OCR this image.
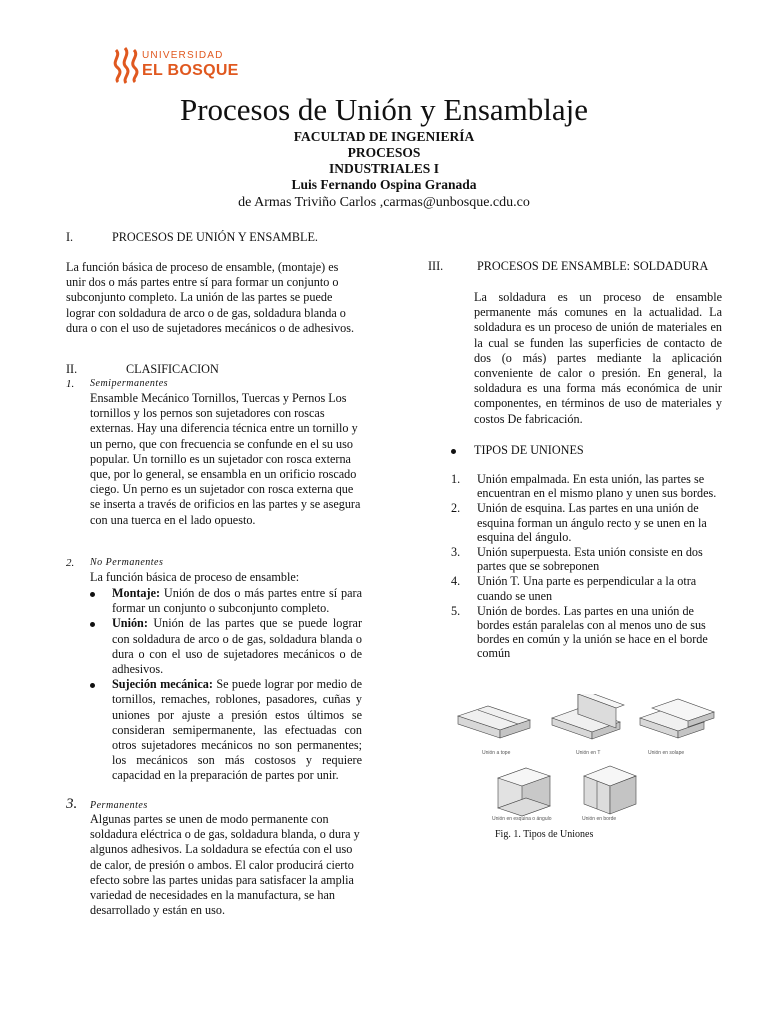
UNIVERSIDAD
EL BOSQUE
Procesos de Unión y Ensamblaje
FACULTAD DE INGENIERÍA
PROCESOS
INDUSTRIALES I
Luis Fernando Ospina Granada
de Armas Triviño Carlos ,carmas@unbosque.cdu.co
I.	PROCESOS DE UNIÓN Y ENSAMBLE.

La función básica de proceso de ensamble, (montaje) es unir dos o más partes entre sí para formar un conjunto o subconjunto completo. La unión de las partes se puede lograr con soldadura de arco o de gas, soldadura blanda o dura o con el uso de sujetadores mecánicos o de adhesivos.

II.	CLASIFICACION
1. Semipermanentes

Ensamble Mecánico Tornillos, Tuercas y Pernos Los tornillos y los pernos son sujetadores con roscas externas. Hay una diferencia técnica entre un tornillo y un perno, que con frecuencia se confunde en el su uso popular. Un tornillo es un sujetador con rosca externa que, por lo general, se ensambla en un orificio roscado ciego. Un perno es un sujetador con rosca externa que se inserta a través de orificios en las partes y se asegura con una tuerca en el lado opuesto.

2. No Permanentes

La función básica de proceso de ensamble:

Montaje: Unión de dos o más partes entre sí para formar un conjunto o subconjunto completo.
Unión: Unión de las partes que se puede lograr con soldadura de arco o de gas, soldadura blanda o dura o con el uso de sujetadores mecánicos o de adhesivos.
Sujeción mecánica: Se puede lograr por medio de tornillos, remaches, roblones, pasadores, cuñas y uniones por ajuste a presión estos últimos se consideran semipermanente, las efectuadas con otros sujetadores mecánicos no son permanentes; los mecánicos son más costosos y requiere capacidad en la preparación de partes por unir.
3. Permanentes

Algunas partes se unen de modo permanente con soldadura eléctrica o de gas, soldadura blanda, o dura y algunos adhesivos. La soldadura se efectúa con el uso de calor, de presión o ambos. El calor producirá cierto efecto sobre las partes unidas para satisfacer la amplia variedad de necesidades en la manufactura, se han desarrollado y están en uso.

III.	PROCESOS DE ENSAMBLE: SOLDADURA

La soldadura es un proceso de ensamble permanente más comunes en la actualidad. La soldadura es un proceso de unión de materiales en la cual se funden las superficies de contacto de dos (o más) partes mediante la aplicación conveniente de calor o presión. En general, la soldadura es una forma más económica de unir componentes, en términos de uso de materiales y costos De fabricación.

TIPOS DE UNIONES
1. Unión empalmada. En esta unión, las partes se encuentran en el mismo plano y unen sus bordes.
2. Unión de esquina. Las partes en una unión de esquina forman un ángulo recto y se unen en la esquina del ángulo.
3. Unión superpuesta. Esta unión consiste en dos partes que se sobreponen
4. Unión T. Una parte es perpendicular a la otra cuando se unen
5. Unión de bordes. Las partes en una unión de bordes están paralelas con al menos uno de sus bordes en común y la unión se hace en el borde común
Unión a tope	Unión en T	Unión en solape
Unión en esquina o ángulo	Unión en borde
Fig. 1. Tipos de Uniones
